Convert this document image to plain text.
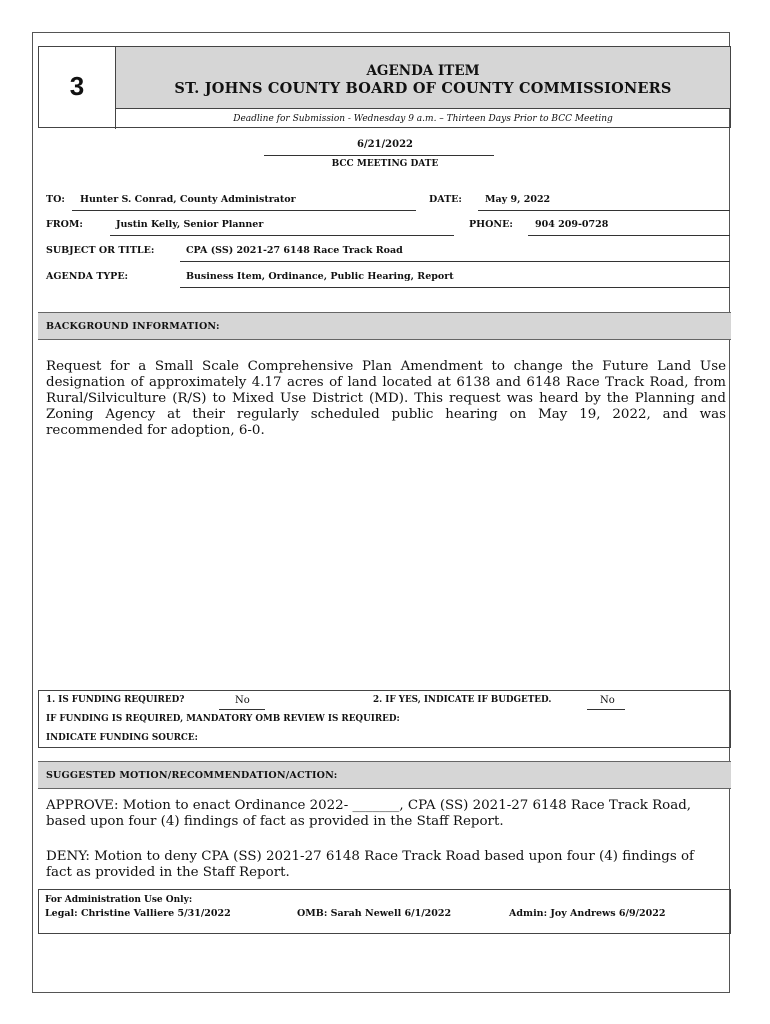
3	AGENDA ITEM
ST. JOHNS COUNTY BOARD OF COUNTY COMMISSIONERS
Deadline for Submission - Wednesday 9 a.m. – Thirteen Days Prior to BCC Meeting
6/21/2022
BCC MEETING DATE
TO: Hunter S. Conrad, County Administrator	DATE: May 9, 2022
FROM:	Justin Kelly, Senior Planner	PHONE: 904 209-0728
SUBJECT OR TITLE:	CPA (SS) 2021-27 6148 Race Track Road
AGENDA TYPE:	Business Item, Ordinance, Public Hearing, Report
BACKGROUND INFORMATION:
Request for a Small Scale Comprehensive Plan Amendment to change the Future Land Use designation of approximately 4.17 acres of land located at 6138 and 6148 Race Track Road, from Rural/Silviculture (R/S) to Mixed Use District (MD). This request was heard by the Planning and Zoning Agency at their regularly scheduled public hearing on May 19, 2022, and was recommended for adoption, 6-0.
1. IS FUNDING REQUIRED?	No	2. IF YES, INDICATE IF BUDGETED.	No
IF FUNDING IS REQUIRED, MANDATORY OMB REVIEW IS REQUIRED:
INDICATE FUNDING SOURCE:
SUGGESTED MOTION/RECOMMENDATION/ACTION:
APPROVE: Motion to enact Ordinance 2022- _______, CPA (SS) 2021-27 6148 Race Track Road, based upon four (4) findings of fact as provided in the Staff Report.
DENY: Motion to deny CPA (SS) 2021-27 6148 Race Track Road based upon four (4) findings of fact as provided in the Staff Report.
For Administration Use Only:
Legal: Christine Valliere 5/31/2022	OMB: Sarah Newell 6/1/2022	Admin: Joy Andrews 6/9/2022
